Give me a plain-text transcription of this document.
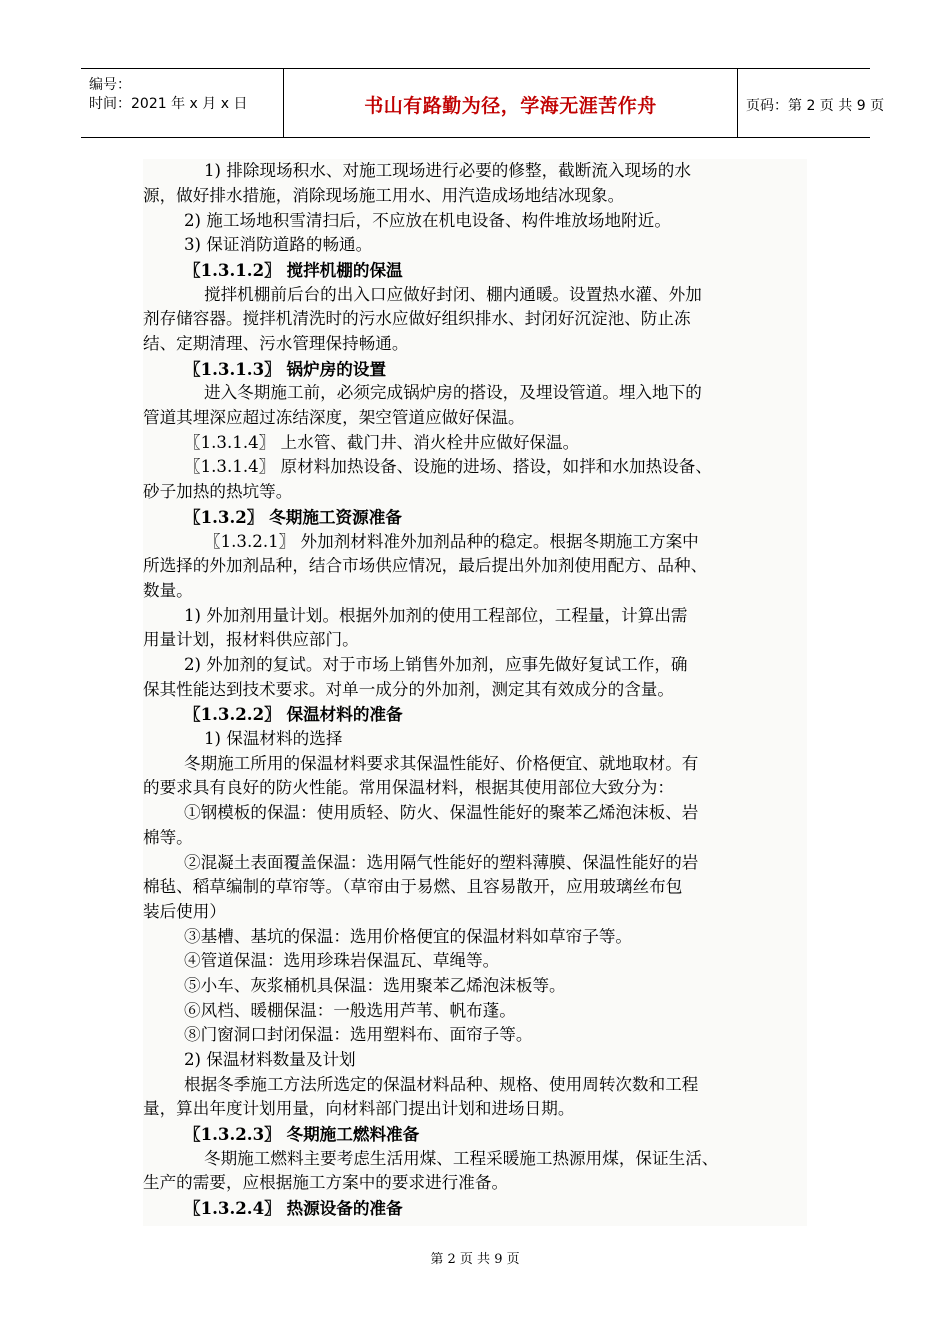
编号：
时间：2021 年 x 月 x 日	书山有路勤为径，学海无涯苦作舟	页码：第 2 页 共 9 页
1) 排除现场积水、对施工现场进行必要的修整，截断流入现场的水
源，做好排水措施，消除现场施工用水、用汽造成场地结冰现象。
2) 施工场地积雪清扫后，不应放在机电设备、构件堆放场地附近。
3) 保证消防道路的畅通。
〖1.3.1.2〗 搅拌机棚的保温
搅拌机棚前后台的出入口应做好封闭、棚内通暖。设置热水灌、外加
剂存储容器。搅拌机清洗时的污水应做好组织排水、封闭好沉淀池、防止冻
结、定期清理、污水管理保持畅通。
〖1.3.1.3〗 锅炉房的设置
进入冬期施工前，必须完成锅炉房的搭设，及埋设管道。埋入地下的
管道其埋深应超过冻结深度，架空管道应做好保温。
〖1.3.1.4〗 上水管、截门井、消火栓井应做好保温。
〖1.3.1.4〗 原材料加热设备、设施的进场、搭设，如拌和水加热设备、
砂子加热的热坑等。
〖1.3.2〗 冬期施工资源准备
〖1.3.2.1〗 外加剂材料准外加剂品种的稳定。根据冬期施工方案中
所选择的外加剂品种，结合市场供应情况，最后提出外加剂使用配方、品种、
数量。
1) 外加剂用量计划。根据外加剂的使用工程部位，工程量，计算出需
用量计划，报材料供应部门。
2) 外加剂的复试。对于市场上销售外加剂，应事先做好复试工作，确
保其性能达到技术要求。对单一成分的外加剂，测定其有效成分的含量。
〖1.3.2.2〗 保温材料的准备
1) 保温材料的选择
冬期施工所用的保温材料要求其保温性能好、价格便宜、就地取材。有
的要求具有良好的防火性能。常用保温材料，根据其使用部位大致分为：
①钢模板的保温：使用质轻、防火、保温性能好的聚苯乙烯泡沫板、岩
棉等。
②混凝土表面覆盖保温：选用隔气性能好的塑料薄膜、保温性能好的岩
棉毡、稻草编制的草帘等。（草帘由于易燃、且容易散开，应用玻璃丝布包
装后使用）
③基槽、基坑的保温：选用价格便宜的保温材料如草帘子等。
④管道保温：选用珍珠岩保温瓦、草绳等。
⑤小车、灰浆桶机具保温：选用聚苯乙烯泡沫板等。
⑥风档、暖棚保温：一般选用芦苇、帆布蓬。
⑧门窗洞口封闭保温：选用塑料布、面帘子等。
2) 保温材料数量及计划
根据冬季施工方法所选定的保温材料品种、规格、使用周转次数和工程
量，算出年度计划用量，向材料部门提出计划和进场日期。
〖1.3.2.3〗 冬期施工燃料准备
冬期施工燃料主要考虑生活用煤、工程采暖施工热源用煤，保证生活、
生产的需要，应根据施工方案中的要求进行准备。
〖1.3.2.4〗 热源设备的准备
第 2 页 共 9 页
